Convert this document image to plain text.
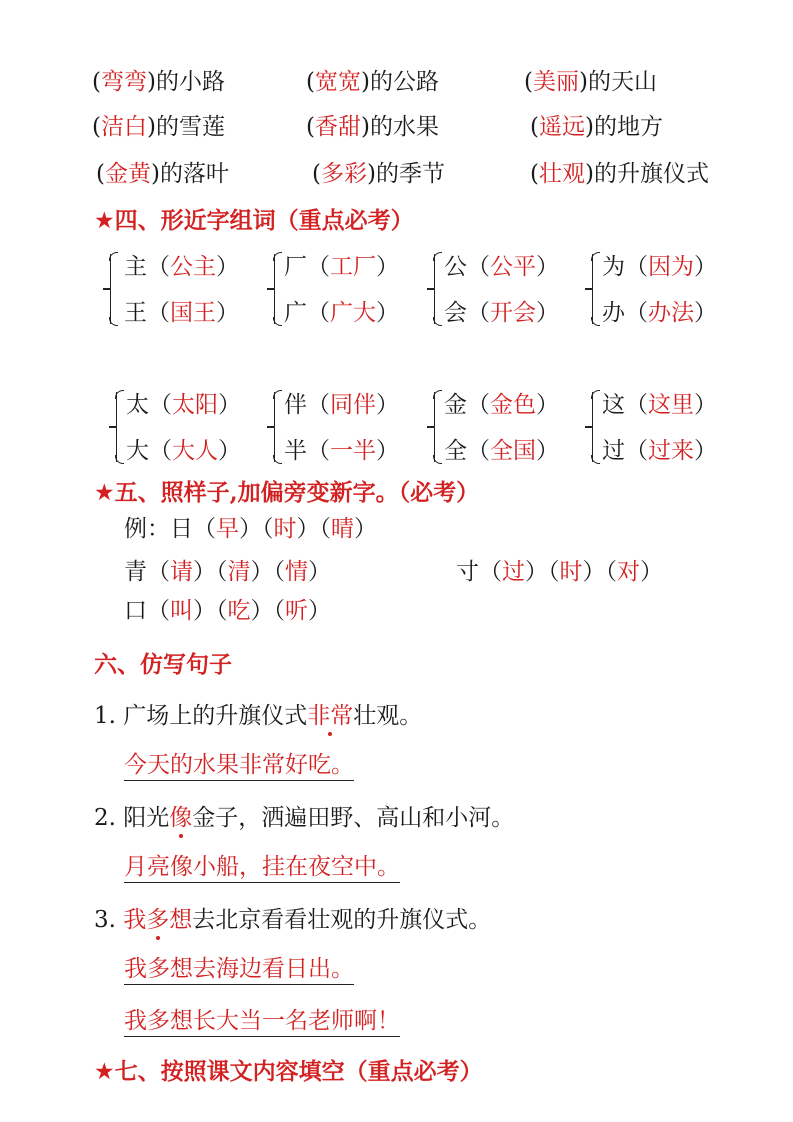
(弯弯)的小路	(宽宽)的公路	(美丽)的天山
(洁白)的雪莲	(香甜)的水果	(遥远)的地方
(金黄)的落叶	(多彩)的季节	(壮观)的升旗仪式
★四、形近字组词（重点必考）
主（公主）
王（国王）
厂（工厂）
广（广大）
公（公平）
会（开会）
为（因为）
办（办法）
太（太阳）
大（大人）
伴（同伴）
半（一半）
金（金色）
全（全国）
这（这里）
过（过来）
★五、照样子,加偏旁变新字。（必考）
例：日（早）（时）（晴）
青（请）（清）（情）	寸（过）（时）（对）
口（叫）（吃）（听）
六、仿写句子
1. 广场上的升旗仪式非常壮观。
今天的水果非常好吃。
2. 阳光像金子，洒遍田野、高山和小河。
月亮像小船，挂在夜空中。
3. 我多想去北京看看壮观的升旗仪式。
我多想去海边看日出。
我多想长大当一名老师啊！
★七、按照课文内容填空（重点必考）
